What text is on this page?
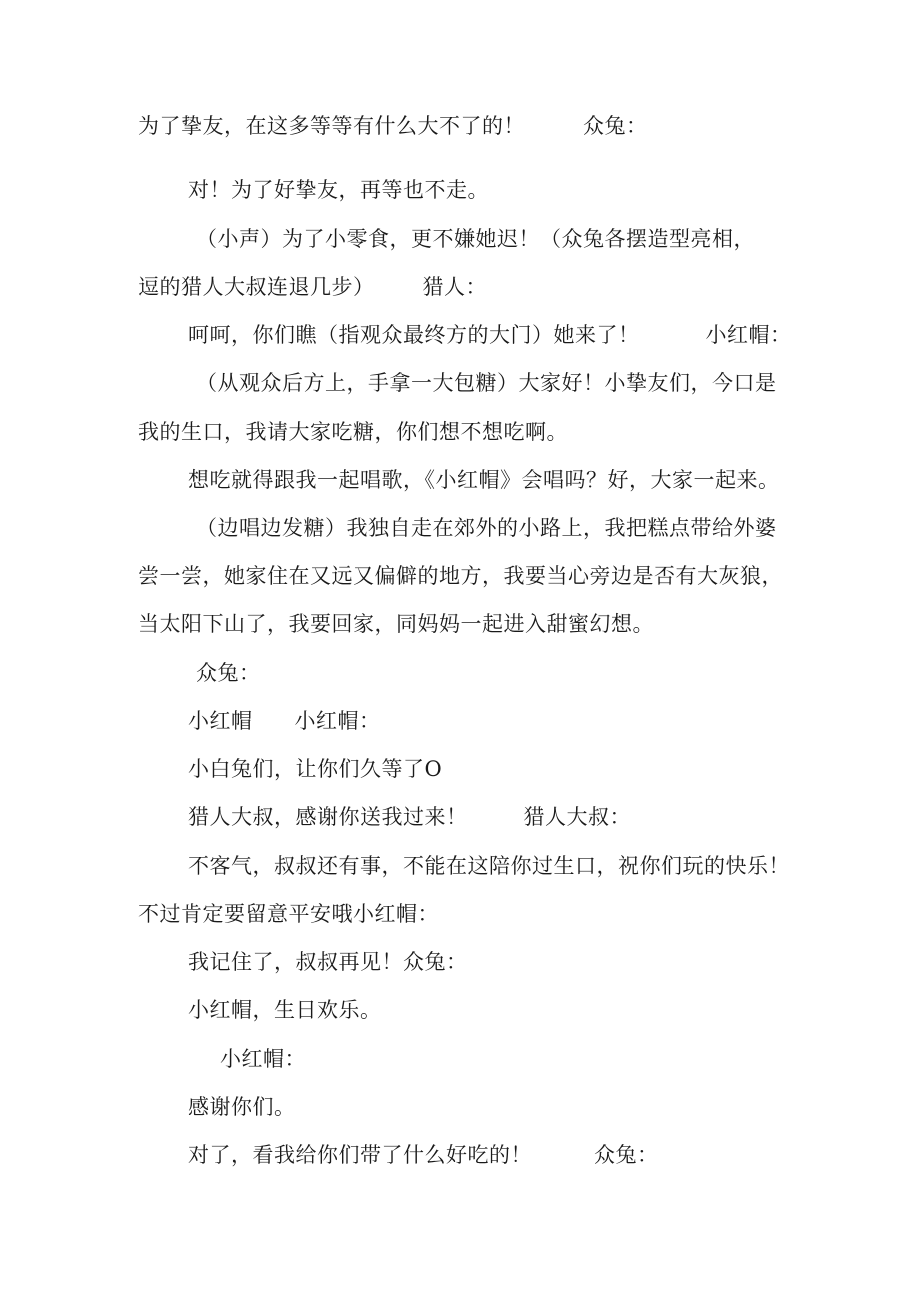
为了挚友，在这多等等有什么大不了的！	众兔：
对！为了好挚友，再等也不走。
（小声）为了小零食，更不嫌她迟！（众兔各摆造型亮相，
逗的猎人大叔连退几步） 猎人：
呵呵，你们瞧（指观众最终方的大门）她来了！	小红帽：
（从观众后方上，手拿一大包糖）大家好！小挚友们，今口是
我的生口，我请大家吃糖，你们想不想吃啊。
想吃就得跟我一起唱歌，《小红帽》会唱吗？好，大家一起来。
（边唱边发糖）我独自走在郊外的小路上，我把糕点带给外婆
尝一尝，她家住在又远又偏僻的地方，我要当心旁边是否有大灰狼，
当太阳下山了，我要回家，同妈妈一起进入甜蜜幻想。
众兔：
小红帽 小红帽：
小白兔们，让你们久等了O
猎人大叔，感谢你送我过来！	猎人大叔：
不客气，叔叔还有事，不能在这陪你过生口，祝你们玩的快乐！
不过肯定要留意平安哦小红帽：
我记住了，叔叔再见！众兔：
小红帽，生日欢乐。
小红帽：
感谢你们。
对了，看我给你们带了什么好吃的！	众兔：
